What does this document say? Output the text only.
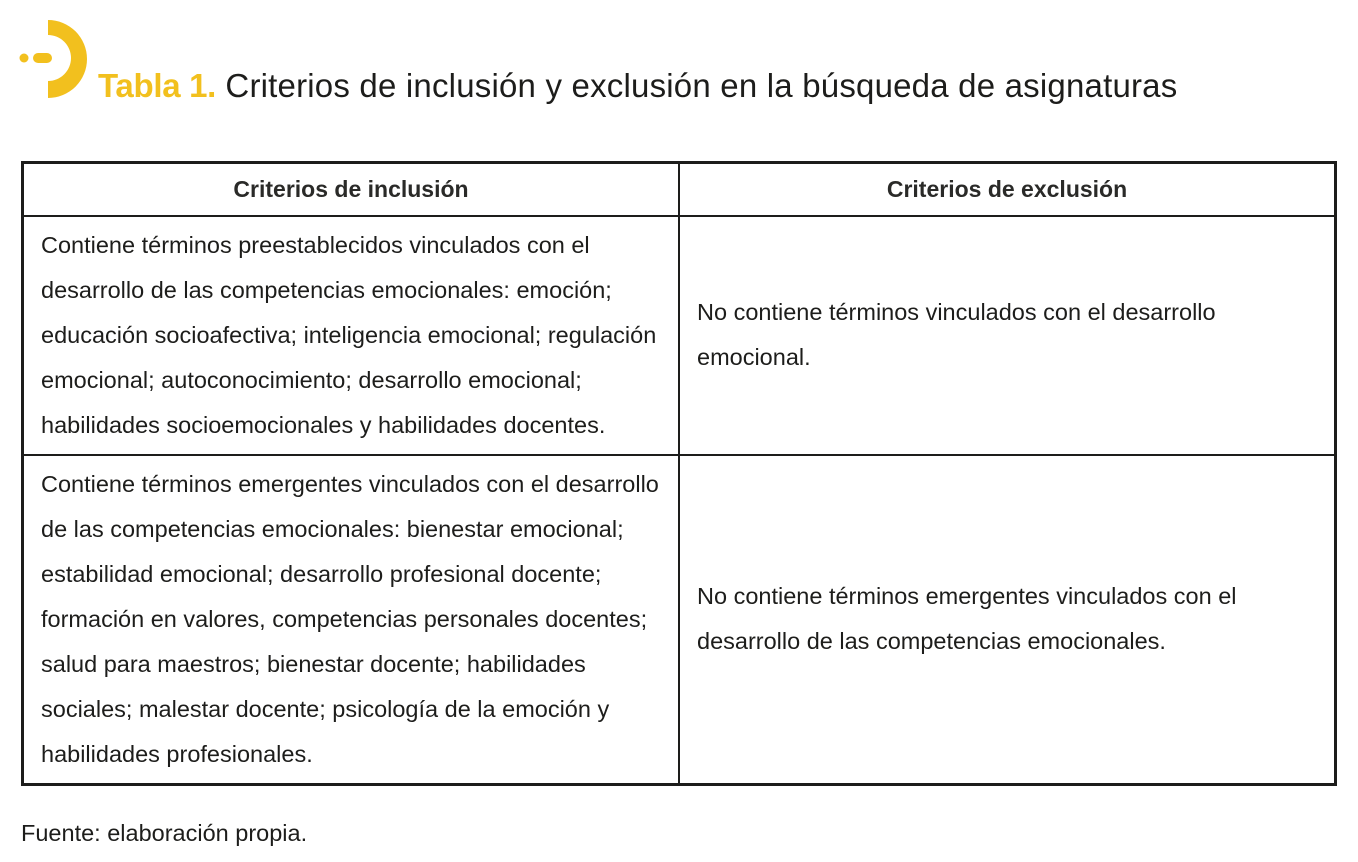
Tabla 1. Criterios de inclusión y exclusión en la búsqueda de asignaturas
Criterios de inclusión	Criterios de exclusión
Contiene términos preestablecidos vinculados con el desarrollo de las competencias emocionales: emoción; educación socioafectiva; inteligencia emocional; regulación emocional; autoconocimiento; desarrollo emocional; habilidades socioemocionales y habilidades docentes.	No contiene términos vinculados con el desarrollo emocional.
Contiene términos emergentes vinculados con el desarrollo de las competencias emocionales: bienestar emocional; estabilidad emocional; desarrollo profesional docente; formación en valores, competencias personales docentes; salud para maestros; bienestar docente; habilidades sociales; malestar docente; psicología de la emoción y habilidades profesionales.	No contiene términos emergentes vinculados con el desarrollo de las competencias emocionales.
Fuente: elaboración propia.
